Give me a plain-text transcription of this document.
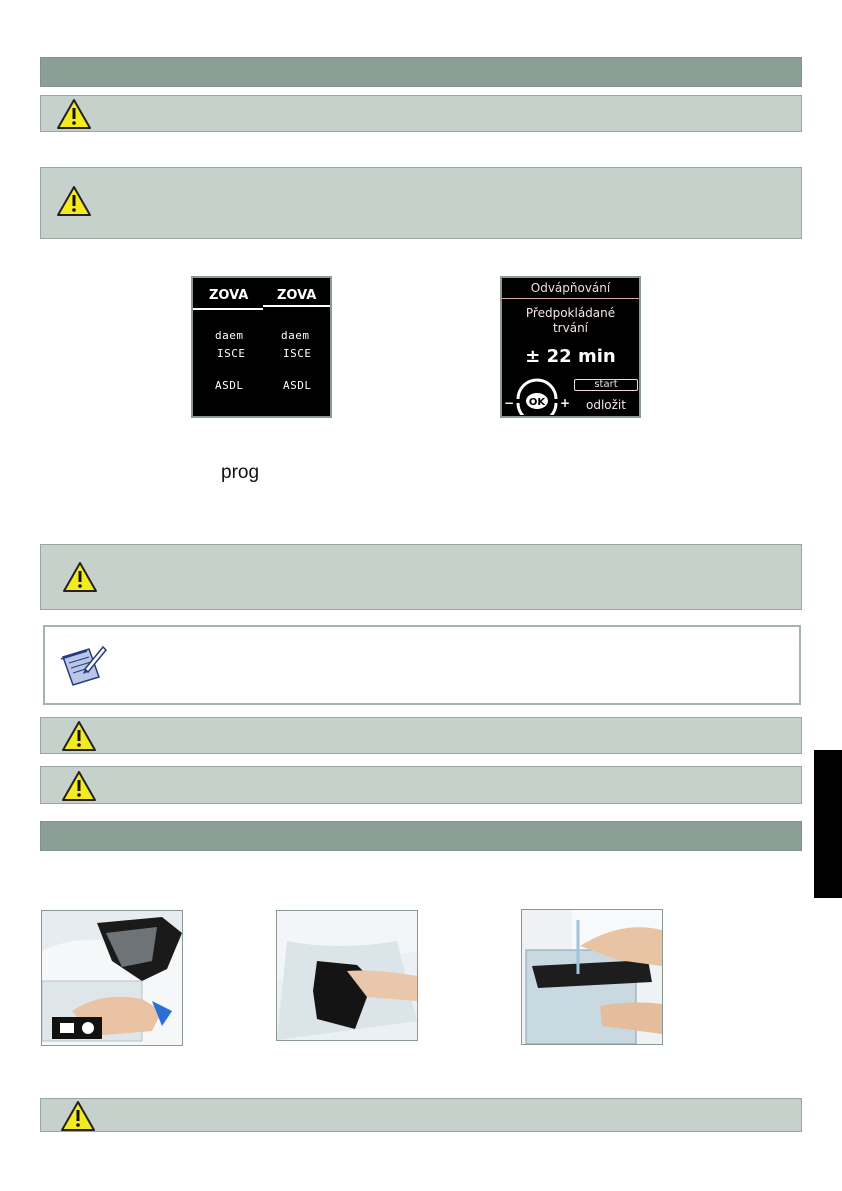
ZOVA ZOVA
daem	daem
ISCE	ISCE
ASDL	ASDL
Odvápňování
Předpokládané
trvání
± 22 min
OK
−	+
start
odložit
prog
